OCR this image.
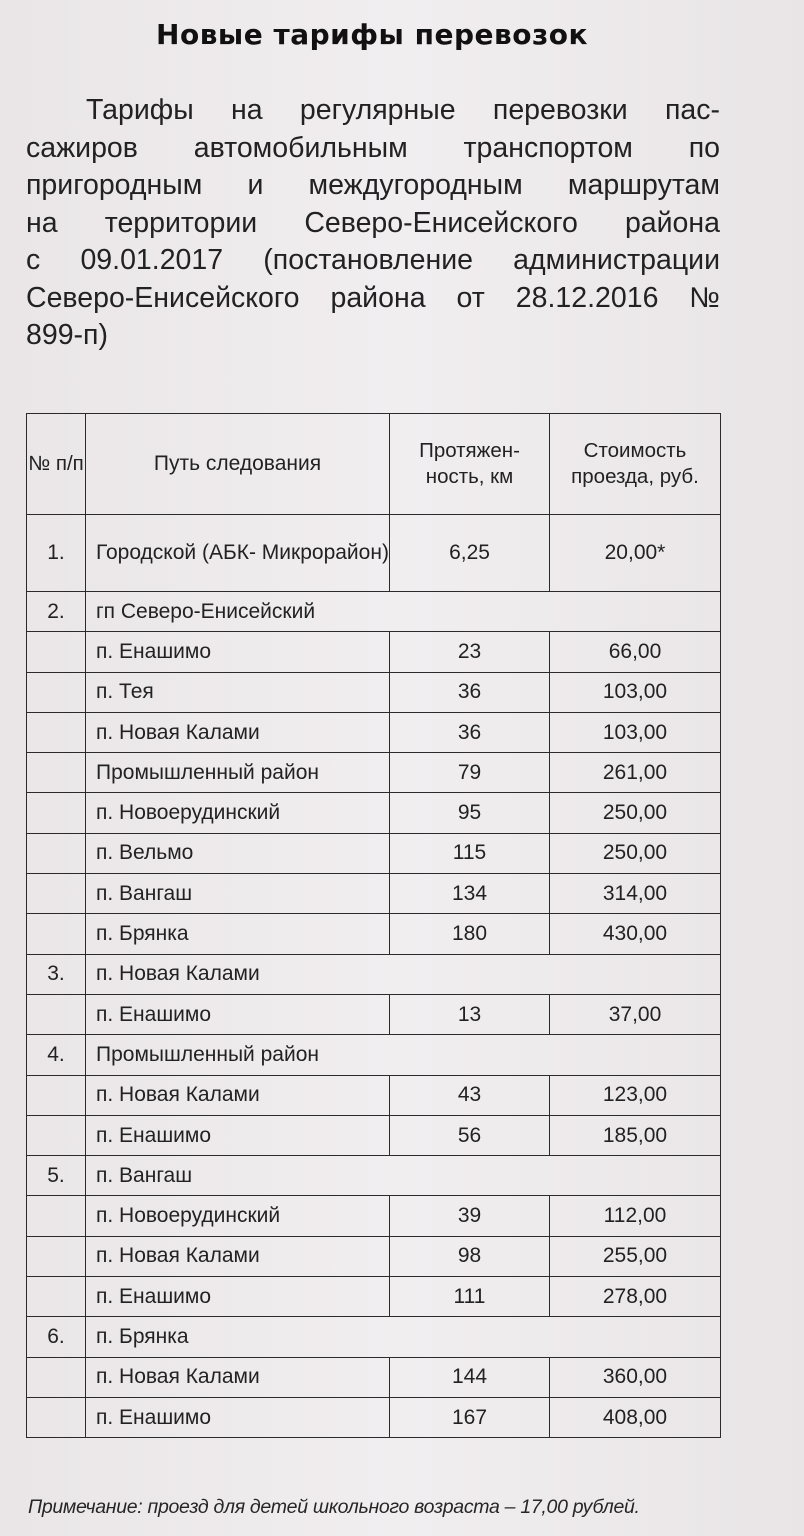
Новые тарифы перевозок
Тарифы на регулярные перевозки пас-
сажиров автомобильным транспортом по
пригородным и междугородным маршрутам
на территории Северо-Енисейского района
с 09.01.2017 (постановление администрации
Северо-Енисейского района от 28.12.2016 №
899-п)
№ п/п	Путь следования	Протяжен- ность, км	Стоимость проезда, руб.
1.	Городской (АБК- Микрорайон)	6,25	20,00*
2.	гп Северо-Енисейский		
	п. Енашимо	23	66,00
	п. Тея	36	103,00
	п. Новая Калами	36	103,00
	Промышленный район	79	261,00
	п. Новоерудинский	95	250,00
	п. Вельмо	115	250,00
	п. Вангаш	134	314,00
	п. Брянка	180	430,00
3.	п. Новая Калами		
	п. Енашимо	13	37,00
4.	Промышленный район		
	п. Новая Калами	43	123,00
	п. Енашимо	56	185,00
5.	п. Вангаш		
	п. Новоерудинский	39	112,00
	п. Новая Калами	98	255,00
	п. Енашимо	111	278,00
6.	п. Брянка		
	п. Новая Калами	144	360,00
	п. Енашимо	167	408,00
Примечание: проезд для детей школьного возраста – 17,00 рублей.
